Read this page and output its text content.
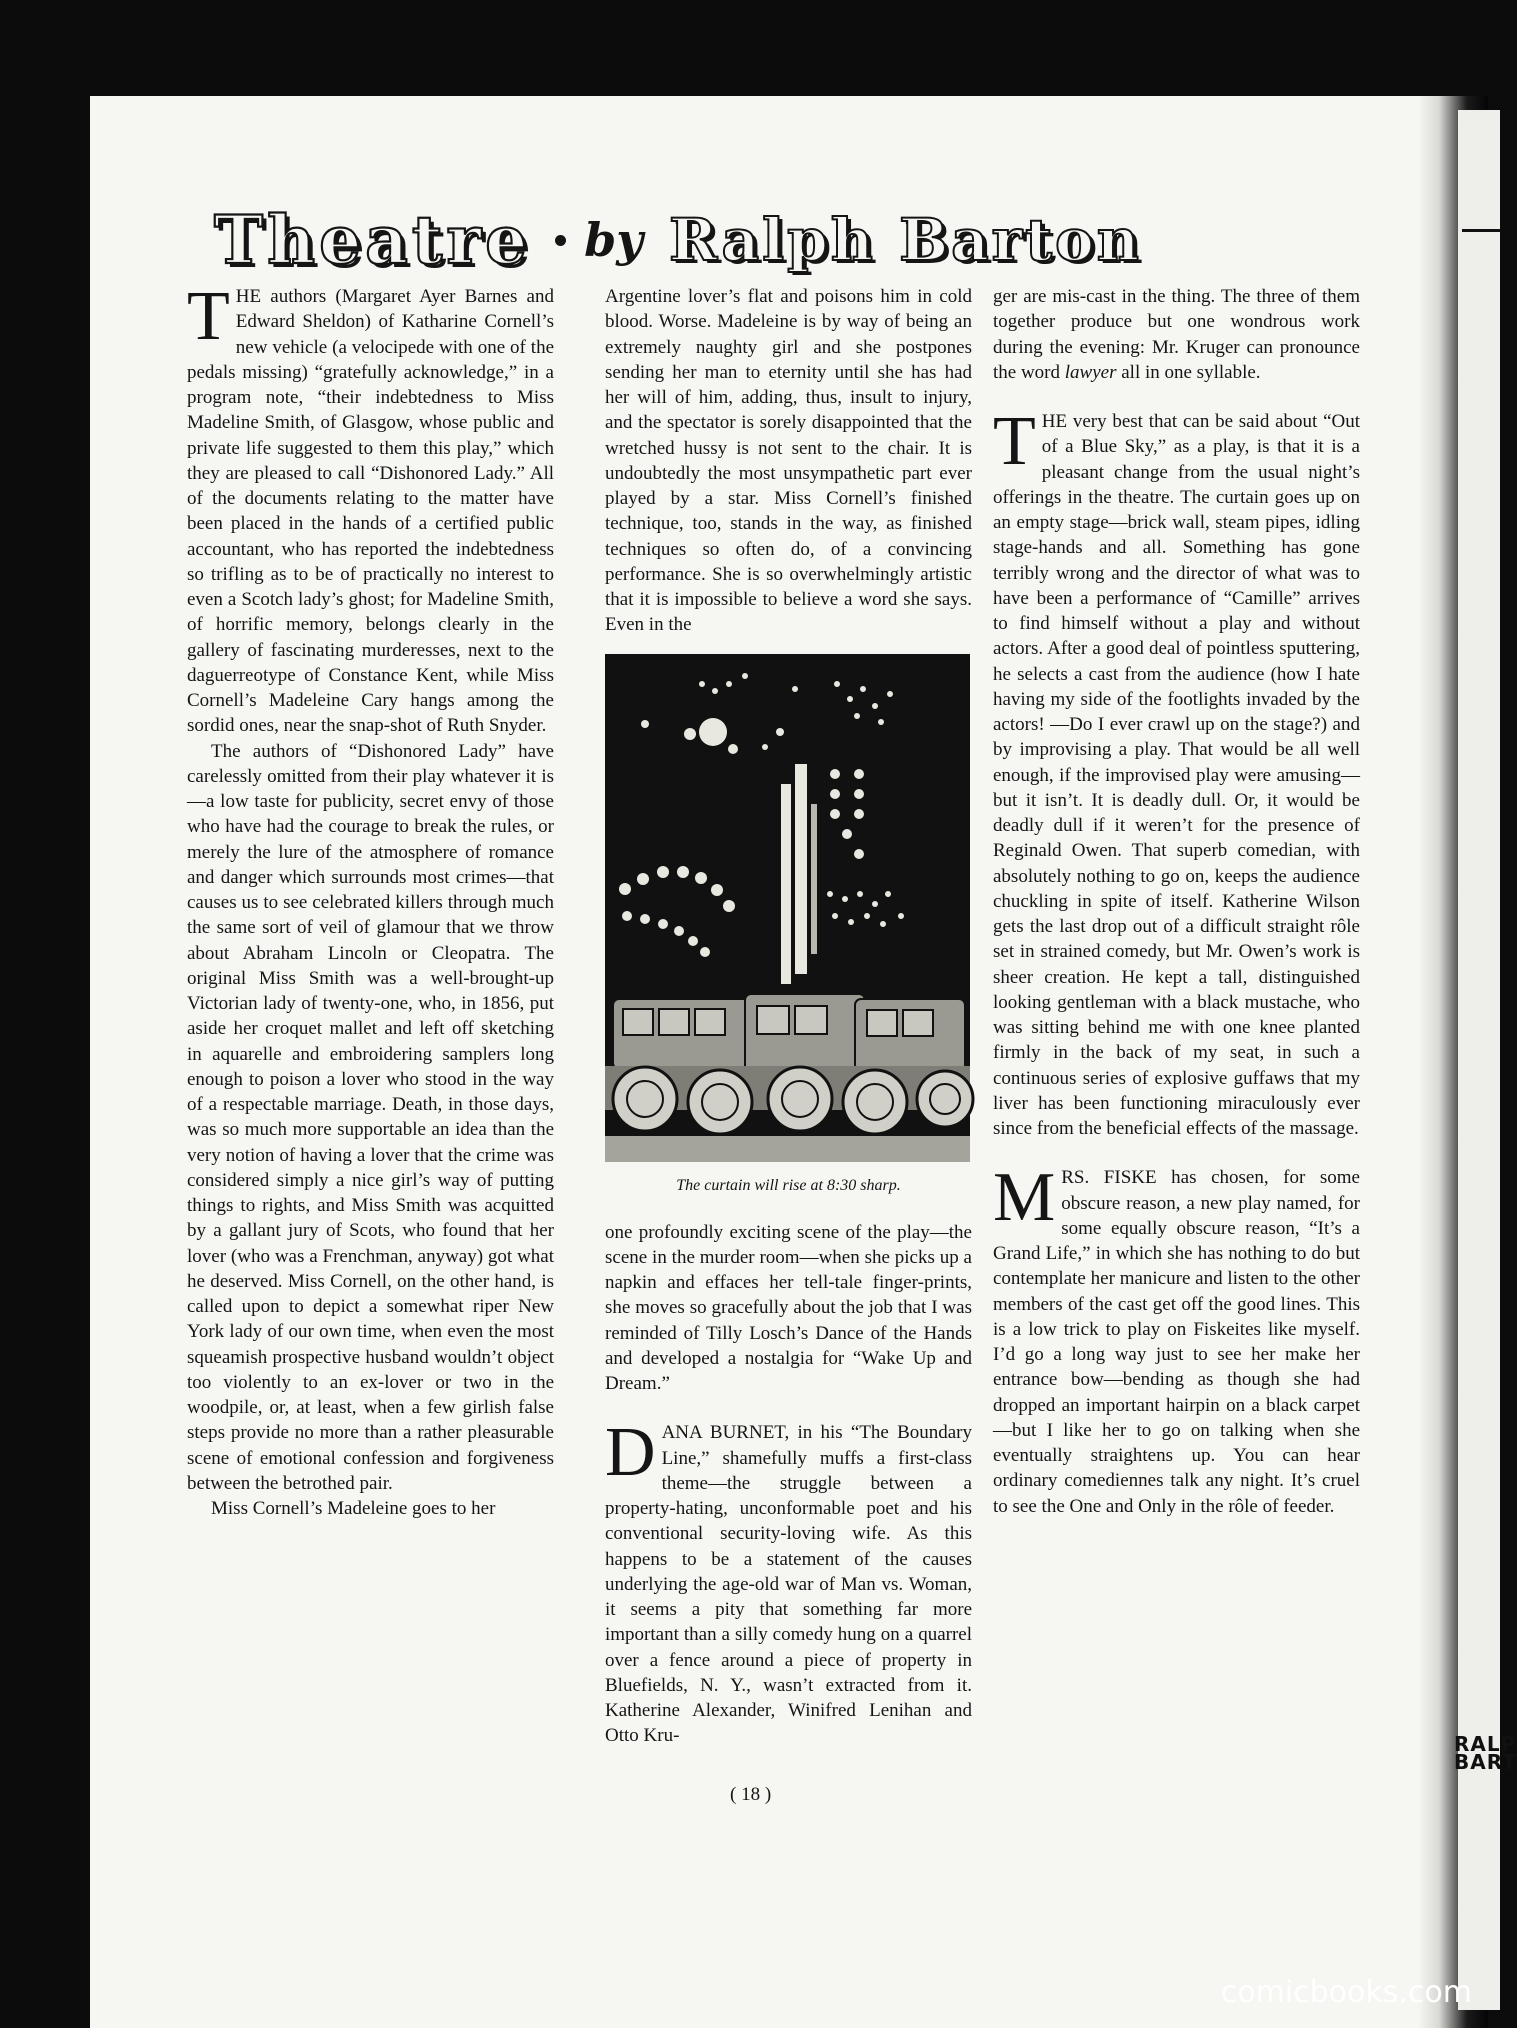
RALP
BART
Theatre by Ralph Barton

THE authors (Margaret Ayer Barnes and Edward Sheldon) of Katharine Cornell’s new vehicle (a velocipede with one of the pedals missing) “gratefully acknowledge,” in a program note, “their indebtedness to Miss Madeline Smith, of Glasgow, whose public and private life suggested to them this play,” which they are pleased to call “Dishonored Lady.” All of the documents relating to the matter have been placed in the hands of a certified public accountant, who has reported the indebtedness so trifling as to be of practically no interest to even a Scotch lady’s ghost; for Madeline Smith, of horrific memory, belongs clearly in the gallery of fascinating murderesses, next to the daguerreotype of Constance Kent, while Miss Cornell’s Madeleine Cary hangs among the sordid ones, near the snap-shot of Ruth Snyder.

The authors of “Dishonored Lady” have carelessly omitted from their play whatever it is—a low taste for publicity, secret envy of those who have had the courage to break the rules, or merely the lure of the atmosphere of romance and danger which surrounds most crimes—that causes us to see celebrated killers through much the same sort of veil of glamour that we throw about Abraham Lincoln or Cleopatra. The original Miss Smith was a well-brought-up Victorian lady of twenty-one, who, in 1856, put aside her croquet mallet and left off sketching in aquarelle and embroidering samplers long enough to poison a lover who stood in the way of a respectable marriage. Death, in those days, was so much more supportable an idea than the very notion of having a lover that the crime was considered simply a nice girl’s way of putting things to rights, and Miss Smith was acquitted by a gallant jury of Scots, who found that her lover (who was a Frenchman, anyway) got what he deserved. Miss Cornell, on the other hand, is called upon to depict a somewhat riper New York lady of our own time, when even the most squeamish prospective husband wouldn’t object too violently to an ex-lover or two in the woodpile, or, at least, when a few girlish false steps provide no more than a rather pleasurable scene of emotional confession and forgiveness between the betrothed pair.

Miss Cornell’s Madeleine goes to her

Argentine lover’s flat and poisons him in cold blood. Worse. Madeleine is by way of being an extremely naughty girl and she postpones sending her man to eternity until she has had her will of him, adding, thus, insult to injury, and the spectator is sorely disappointed that the wretched hussy is not sent to the chair. It is undoubtedly the most unsympathetic part ever played by a star. Miss Cornell’s finished technique, too, stands in the way, as finished techniques so often do, of a convincing performance. She is so overwhelmingly artistic that it is impossible to believe a word she says. Even in the

The curtain will rise at 8:30 sharp.

one profoundly exciting scene of the play—the scene in the murder room—when she picks up a napkin and effaces her tell-tale finger-prints, she moves so gracefully about the job that I was reminded of Tilly Losch’s Dance of the Hands and developed a nostalgia for “Wake Up and Dream.”

DANA BURNET, in his “The Boundary Line,” shamefully muffs a first-class theme—the struggle between a property-hating, unconformable poet and his conventional security-loving wife. As this happens to be a statement of the causes underlying the age-old war of Man vs. Woman, it seems a pity that something far more important than a silly comedy hung on a quarrel over a fence around a piece of property in Bluefields, N. Y., wasn’t extracted from it. Katherine Alexander, Winifred Lenihan and Otto Kru-

ger are mis-cast in the thing. The three of them together produce but one wondrous work during the evening: Mr. Kruger can pronounce the word lawyer all in one syllable.

THE very best that can be said about “Out of a Blue Sky,” as a play, is that it is a pleasant change from the usual night’s offerings in the theatre. The curtain goes up on an empty stage—brick wall, steam pipes, idling stage-hands and all. Something has gone terribly wrong and the director of what was to have been a performance of “Camille” arrives to find himself without a play and without actors. After a good deal of pointless sputtering, he selects a cast from the audience (how I hate having my side of the footlights invaded by the actors! —Do I ever crawl up on the stage?) and by improvising a play. That would be all well enough, if the improvised play were amusing—but it isn’t. It is deadly dull. Or, it would be deadly dull if it weren’t for the presence of Reginald Owen. That superb comedian, with absolutely nothing to go on, keeps the audience chuckling in spite of itself. Katherine Wilson gets the last drop out of a difficult straight rôle set in strained comedy, but Mr. Owen’s work is sheer creation. He kept a tall, distinguished looking gentleman with a black mustache, who was sitting behind me with one knee planted firmly in the back of my seat, in such a continuous series of explosive guffaws that my liver has been functioning miraculously ever since from the beneficial effects of the massage.

MRS. FISKE has chosen, for some obscure reason, a new play named, for some equally obscure reason, “It’s a Grand Life,” in which she has nothing to do but contemplate her manicure and listen to the other members of the cast get off the good lines. This is a low trick to play on Fiskeites like myself. I’d go a long way just to see her make her entrance bow—bending as though she had dropped an important hairpin on a black carpet—but I like her to go on talking when she eventually straightens up. You can hear ordinary comediennes talk any night. It’s cruel to see the One and Only in the rôle of feeder.

( 18 )
comicbooks.com
